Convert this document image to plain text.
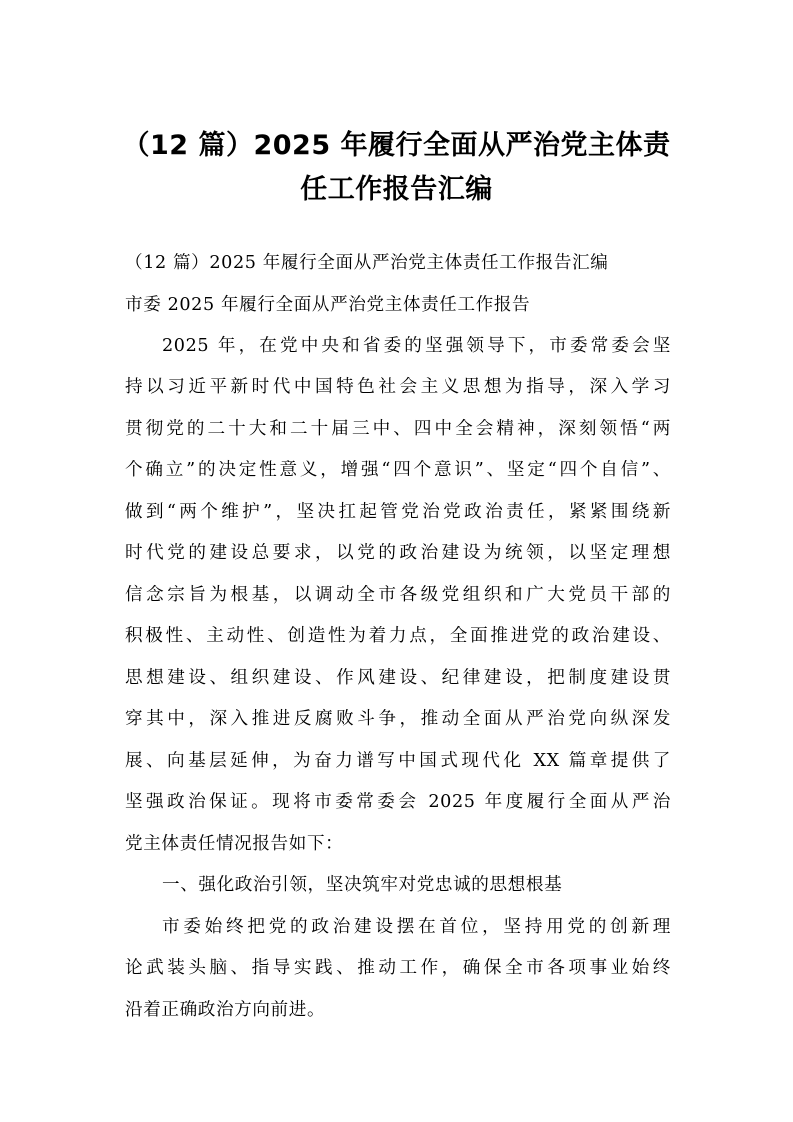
（12 篇）2025 年履行全面从严治党主体责
任工作报告汇编

（12 篇）2025 年履行全面从严治党主体责任工作报告汇编

市委 2025 年履行全面从严治党主体责任工作报告

2025 年，在党中央和省委的坚强领导下，市委常委会坚

持以习近平新时代中国特色社会主义思想为指导，深入学习

贯彻党的二十大和二十届三中、四中全会精神，深刻领悟“两

个确立”的决定性意义，增强“四个意识”、坚定“四个自信”、

做到“两个维护”，坚决扛起管党治党政治责任，紧紧围绕新

时代党的建设总要求，以党的政治建设为统领，以坚定理想

信念宗旨为根基，以调动全市各级党组织和广大党员干部的

积极性、主动性、创造性为着力点，全面推进党的政治建设、

思想建设、组织建设、作风建设、纪律建设，把制度建设贯

穿其中，深入推进反腐败斗争，推动全面从严治党向纵深发

展、向基层延伸，为奋力谱写中国式现代化 XX 篇章提供了

坚强政治保证。现将市委常委会 2025 年度履行全面从严治

党主体责任情况报告如下：

一、强化政治引领，坚决筑牢对党忠诚的思想根基

市委始终把党的政治建设摆在首位，坚持用党的创新理

论武装头脑、指导实践、推动工作，确保全市各项事业始终

沿着正确政治方向前进。
